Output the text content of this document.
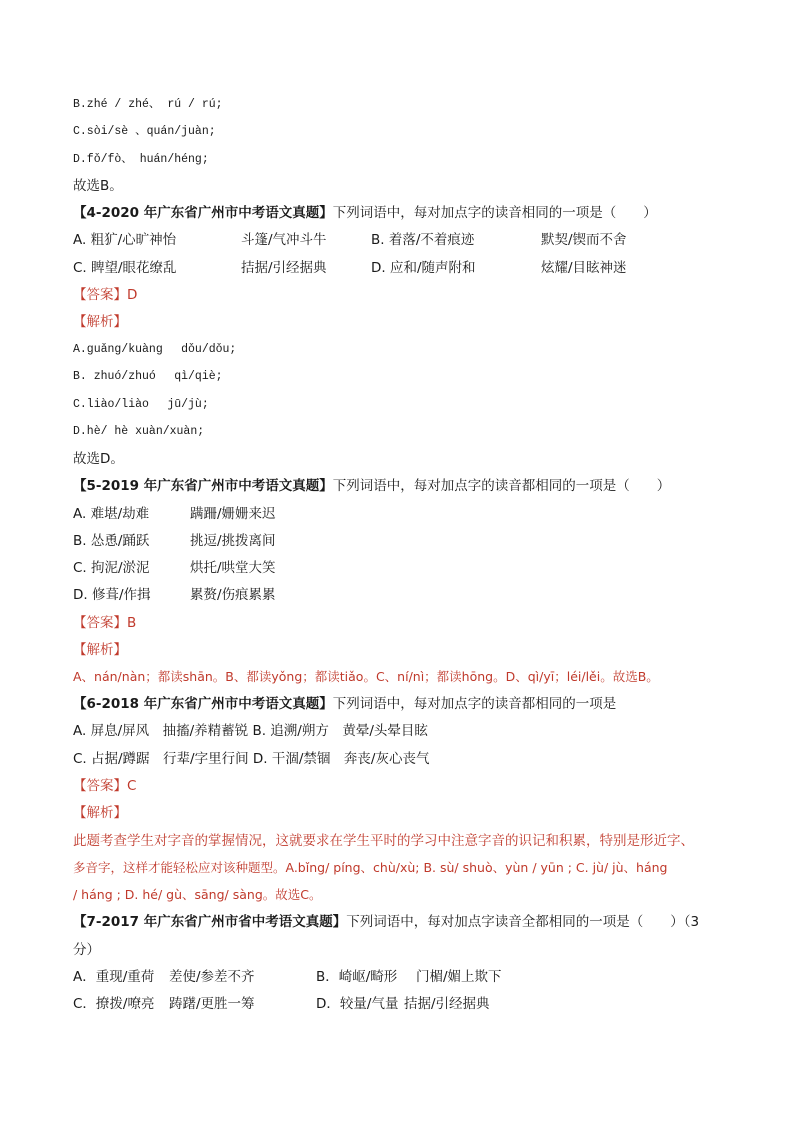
B.zhé / zhé、 rú / rú;
C.sòi/sè 、quán/juàn;
D.fǒ/fò、 huán/héng;
故选B。
【4-2020 年广东省广州市中考语文真题】下列词语中，每对加点字的读音相同的一项是（　　）
A. 粗犷/心旷神怡	斗篷/气冲斗牛	B. 着落/不着痕迹	默契/锲而不舍
C. 睥望/眼花缭乱	拮据/引经据典	D. 应和/随声附和	炫耀/目眩神迷
【答案】D
【解析】
A.guǎng/kuàng　 dǒu/dǒu;
B. zhuó/zhuó　 qì/qiè;
C.liào/liào　 jū/jù;
D.hè/ hè xuàn/xuàn;
故选D。
【5-2019 年广东省广州市中考语文真题】下列词语中，每对加点字的读音都相同的一项是（　　）
A. 难堪/劫难	蹒跚/姗姗来迟
B. 怂恿/踊跃	挑逗/挑拨离间
C. 拘泥/淤泥	烘托/哄堂大笑
D. 修葺/作揖	累赘/伤痕累累
【答案】B
【解析】
A、nán/nàn；都读shān。B、都读yǒng；都读tiǎo。C、ní/nì；都读hōng。D、qì/yī；léi/lěi。故选B。
【6-2018 年广东省广州市中考语文真题】下列词语中，每对加点字的读音都相同的一项是
A. 屏息/屏风　抽搐/养精蓄锐 B. 追溯/朔方　黄晕/头晕目眩
C. 占据/蹲踞　行辈/字里行间 D. 干涸/禁锢　奔丧/灰心丧气
【答案】C
【解析】
此题考查学生对字音的掌握情况，这就要求在学生平时的学习中注意字音的识记和积累，特别是形近字、
多音字，这样才能轻松应对该种题型。A.bǐng/ píng、chù/xù; B. sù/ shuò、yùn / yūn ; C. jù/ jù、háng
/ háng ; D. hé/ gù、sāng/ sàng。故选C。
【7-2017 年广东省广州市省中考语文真题】下列词语中，每对加点字读音全都相同的一项是（　　）（3
分）
A．重现/重荷 差使/参差不齐	B．崎岖/畸形 门楣/媚上欺下
C．撩拨/嘹亮 踌躇/更胜一筹	D．较量/气量 拮据/引经据典
